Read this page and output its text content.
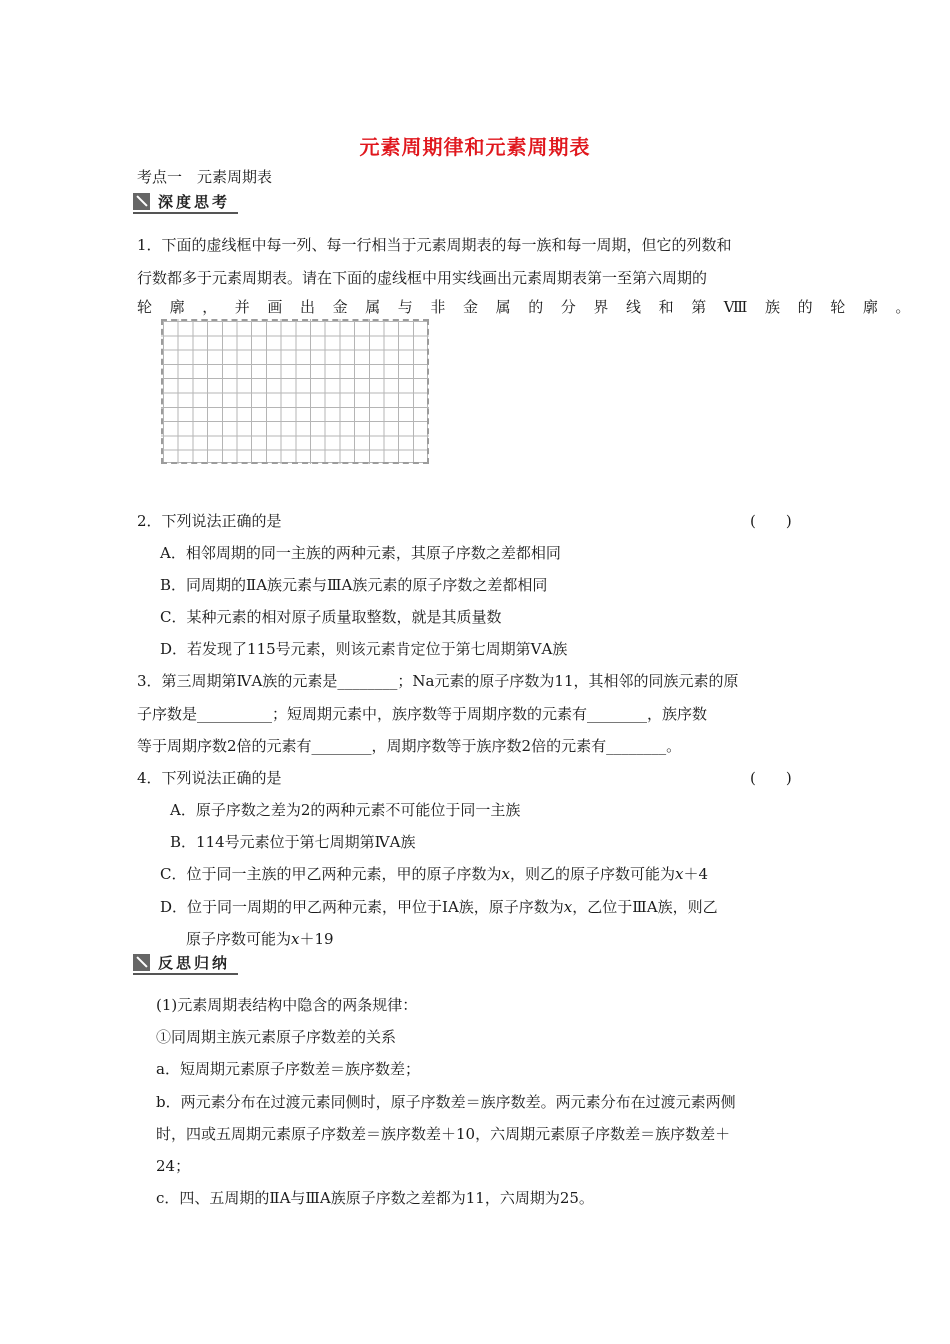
元素周期律和元素周期表
考点一　元素周期表
深度思考
1．下面的虚线框中每一列、每一行相当于元素周期表的每一族和每一周期，但它的列数和
行数都多于元素周期表。请在下面的虚线框中用实线画出元素周期表第一至第六周期的
轮廓，并画出金属与非金属的分界线和第Ⅷ族的轮廓。
2．下列说法正确的是	(　　)
A．相邻周期的同一主族的两种元素，其原子序数之差都相同
B．同周期的ⅡA族元素与ⅢA族元素的原子序数之差都相同
C．某种元素的相对原子质量取整数，就是其质量数
D．若发现了115号元素，则该元素肯定位于第七周期第ⅤA族
3．第三周期第ⅣA族的元素是________；Na元素的原子序数为11，其相邻的同族元素的原
子序数是__________；短周期元素中，族序数等于周期序数的元素有________，族序数
等于周期序数2倍的元素有________，周期序数等于族序数2倍的元素有________。
4．下列说法正确的是	(　　)
A．原子序数之差为2的两种元素不可能位于同一主族
B．114号元素位于第七周期第ⅣA族
C．位于同一主族的甲乙两种元素，甲的原子序数为x，则乙的原子序数可能为x＋4
D．位于同一周期的甲乙两种元素，甲位于ⅠA族，原子序数为x，乙位于ⅢA族，则乙
原子序数可能为x＋19
反思归纳
(1)元素周期表结构中隐含的两条规律：
①同周期主族元素原子序数差的关系
a．短周期元素原子序数差＝族序数差；
b．两元素分布在过渡元素同侧时，原子序数差＝族序数差。两元素分布在过渡元素两侧
时，四或五周期元素原子序数差＝族序数差＋10，六周期元素原子序数差＝族序数差＋
24；
c．四、五周期的ⅡA与ⅢA族原子序数之差都为11，六周期为25。
